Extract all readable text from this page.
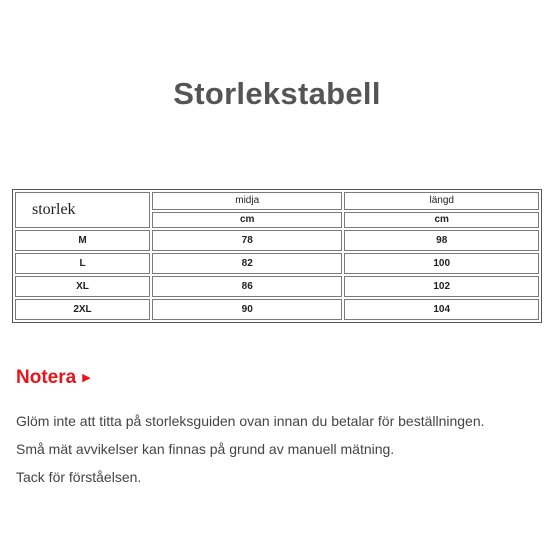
Storlekstabell
storlek	midja	längd
	cm	cm
M	78	98
L	82	100
XL	86	102
2XL	90	104
Notera ▶
Glöm inte att titta på storleksguiden ovan innan du betalar för beställningen.
Små mät avvikelser kan finnas på grund av manuell mätning.
Tack för förståelsen.
